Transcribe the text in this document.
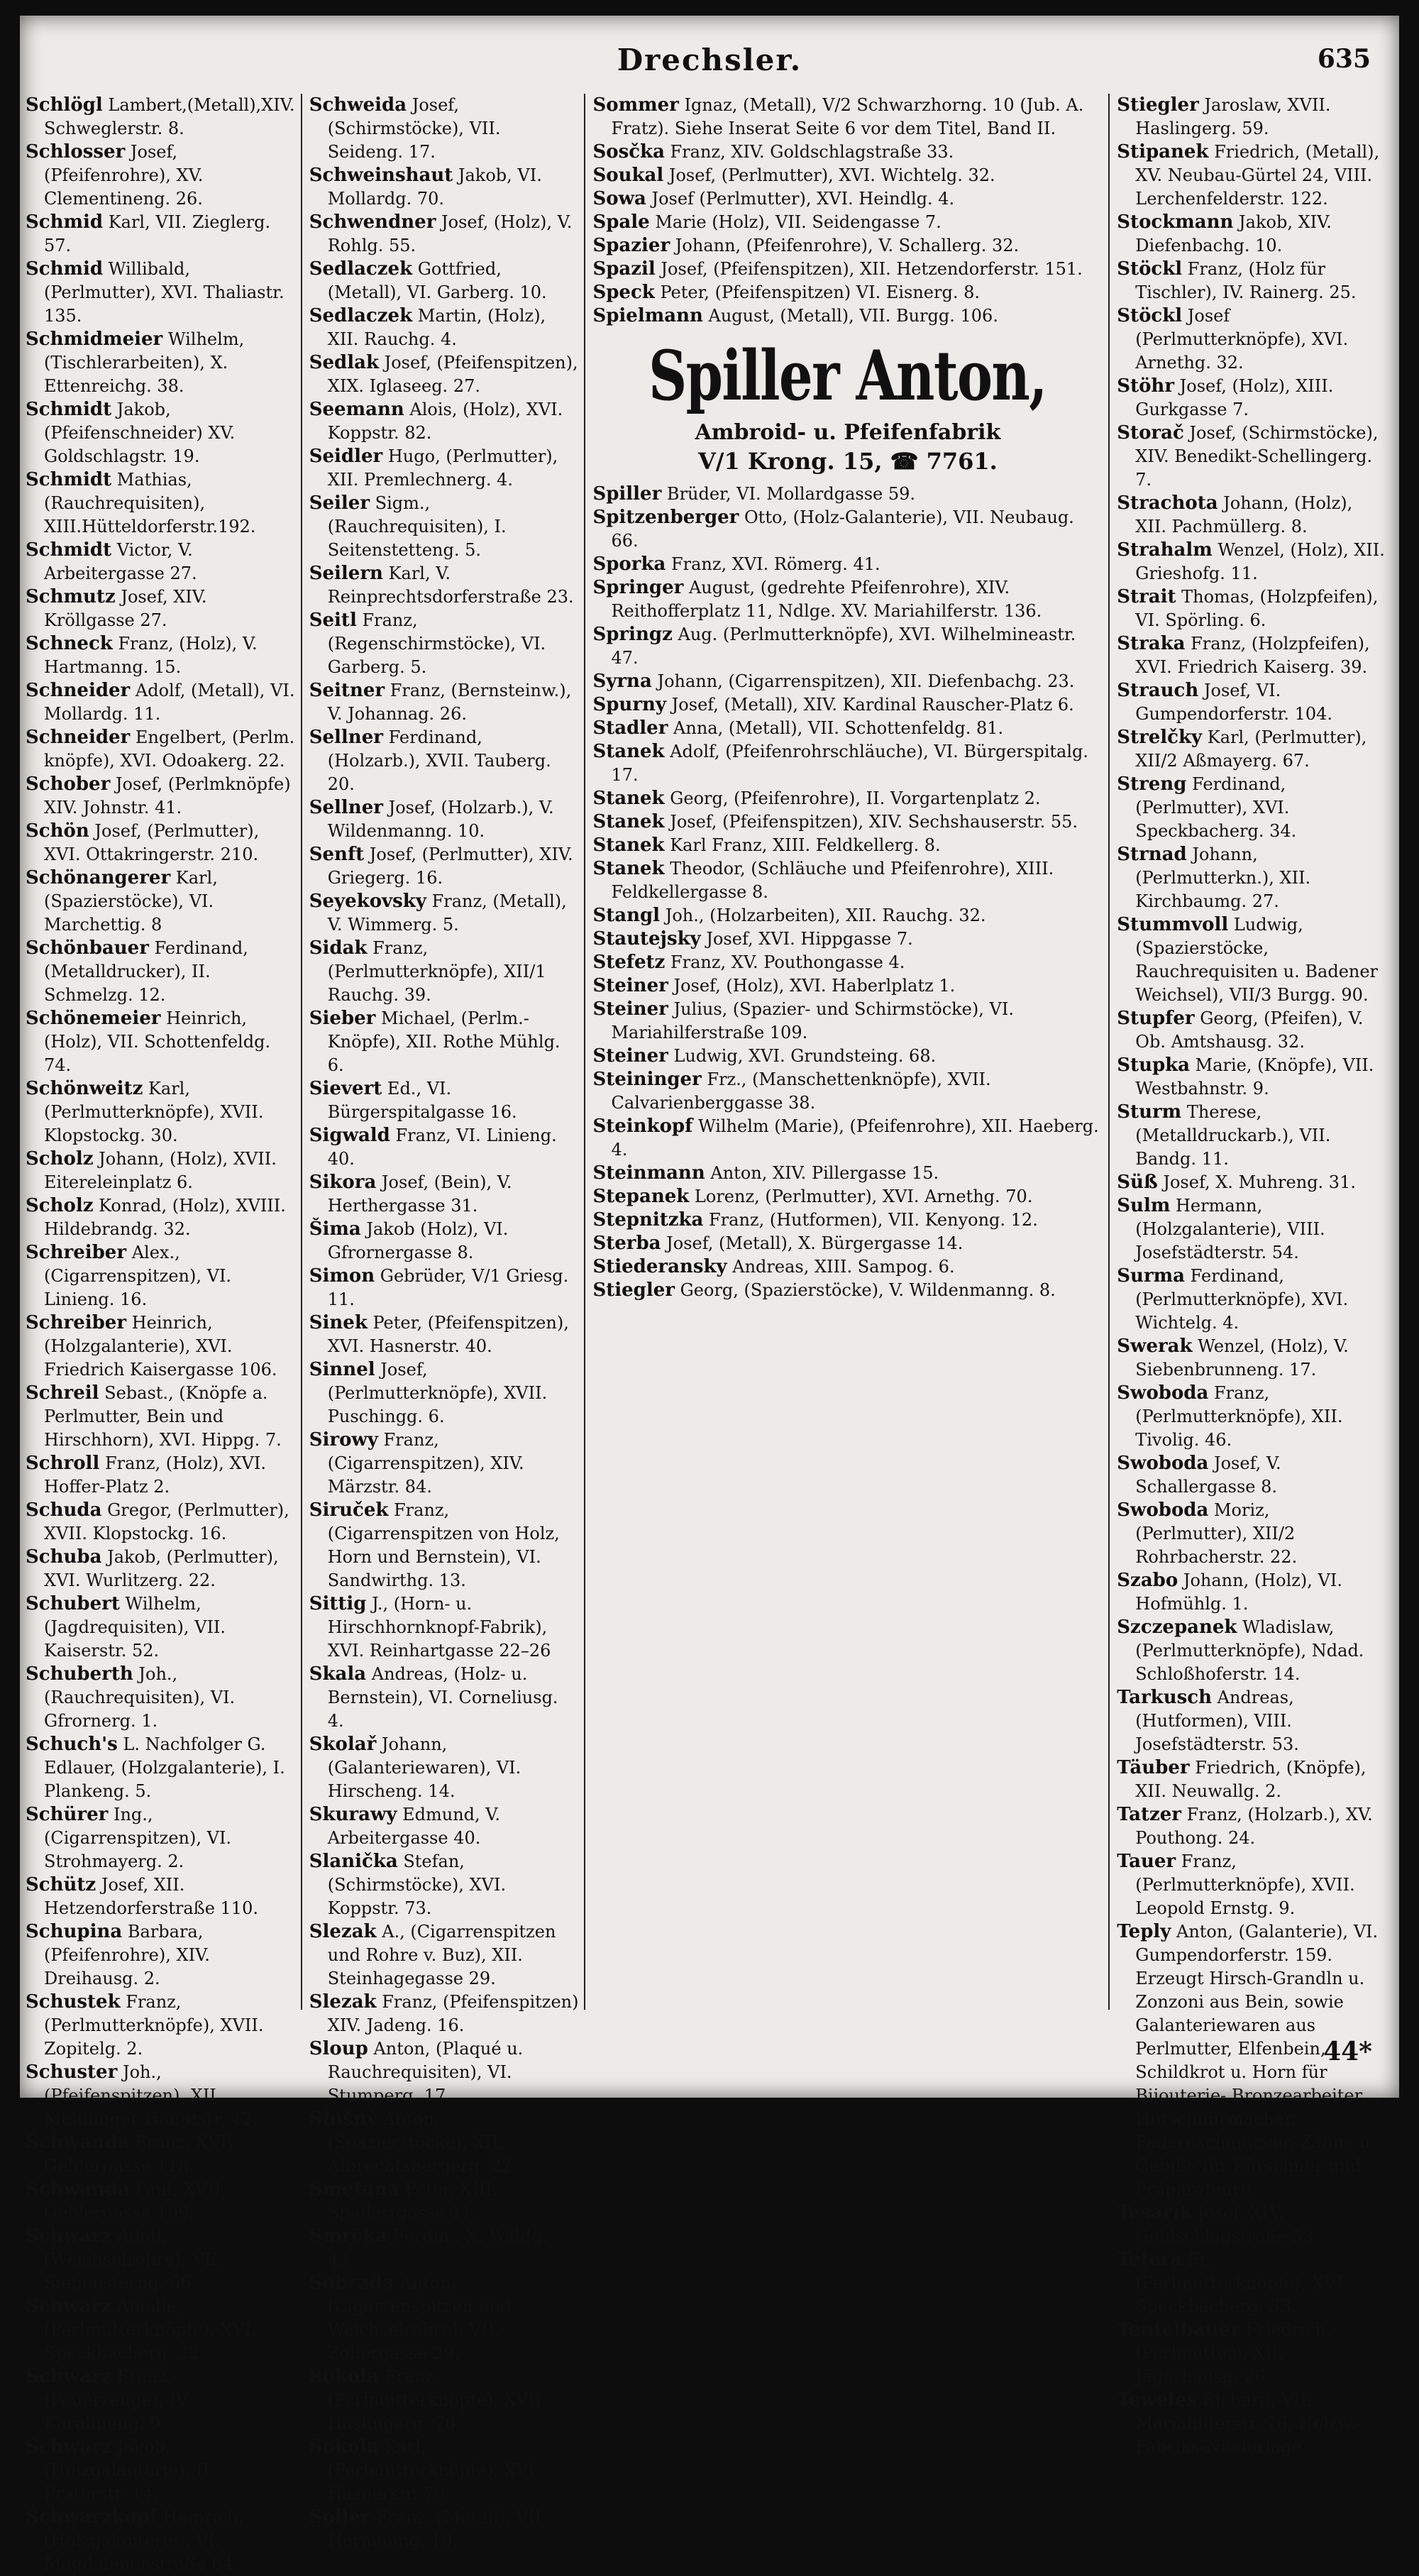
Drechsler.	635

Schlögl Lambert,(Metall),XIV. Schweglerstr. 8.

Schlosser Josef, (Pfeifenrohre), XV. Clementineng. 26.

Schmid Karl, VII. Zieglerg. 57.

Schmid Willibald,(Perlmutter), XVI. Thaliastr. 135.

Schmidmeier Wilhelm, (Tischlerarbeiten), X. Ettenreichg. 38.

Schmidt Jakob, (Pfeifenschneider) XV. Goldschlagstr. 19.

Schmidt Mathias, (Rauchrequisiten), XIII.Hütteldorferstr.192.

Schmidt Victor, V. Arbeitergasse 27.

Schmutz Josef, XIV. Kröllgasse 27.

Schneck Franz, (Holz), V. Hartmanng. 15.

Schneider Adolf, (Metall), VI. Mollardg. 11.

Schneider Engelbert, (Perlm. knöpfe), XVI. Odoakerg. 22.

Schober Josef, (Perlmknöpfe) XIV. Johnstr. 41.

Schön Josef, (Perlmutter), XVI. Ottakringerstr. 210.

Schönangerer Karl, (Spazierstöcke), VI. Marchettig. 8

Schönbauer Ferdinand, (Metalldrucker), II. Schmelzg. 12.

Schönemeier Heinrich, (Holz), VII. Schottenfeldg. 74.

Schönweitz Karl, (Perlmutterknöpfe), XVII. Klopstockg. 30.

Scholz Johann, (Holz), XVII. Eitereleinplatz 6.

Scholz Konrad, (Holz), XVIII. Hildebrandg. 32.

Schreiber Alex., (Cigarrenspitzen), VI. Linieng. 16.

Schreiber Heinrich, (Holzgalanterie), XVI. Friedrich Kaisergasse 106.

Schreil Sebast., (Knöpfe a. Perlmutter, Bein und Hirschhorn), XVI. Hippg. 7.

Schroll Franz, (Holz), XVI. Hoffer-Platz 2.

Schuda Gregor, (Perlmutter), XVII. Klopstockg. 16.

Schuba Jakob, (Perlmutter), XVI. Wurlitzerg. 22.

Schubert Wilhelm, (Jagdrequisiten), VII. Kaiserstr. 52.

Schuberth Joh., (Rauchrequisiten), VI. Gfrornerg. 1.

Schuch's L. Nachfolger G. Edlauer, (Holzgalanterie), I. Plankeng. 5.

Schürer Ing.,(Cigarrenspitzen), VI. Strohmayerg. 2.

Schütz Josef, XII. Hetzendorferstraße 110.

Schupina Barbara, (Pfeifenrohre), XIV. Dreihausg. 2.

Schustek Franz, (Perlmutterknöpfe), XVII. Zopitelg. 2.

Schuster Joh., (Pfeifenspitzen), XII. Meidlinger Hauptstr. 42.

Schwanda Franz, XVII. Geblergasse 118.

Schwanda Paul, XVII. Geblergasse 109.

Schwarz Adolf, (Weichselrohre), VII. Siebensterng. 56.

Schwarz Amalie, (Perlmutterknöpfe), XVI. Speckbacherg. 22.

Schwarz Franz, (Feuerzeuge), IV. Karolineng. 9.

Schwarz Jakob, (Holzgalanterie), II. Praterstr. 14.

Schwarzkopf Heinrich, (Holzgalanterie), VI. Magdalenenstraße 64.

Schweida Josef, (Schirmstöcke), VII. Seideng. 17.

Schweinshaut Jakob, VI. Mollardg. 70.

Schwendner Josef, (Holz), V. Rohlg. 55.

Sedlaczek Gottfried, (Metall), VI. Garberg. 10.

Sedlaczek Martin, (Holz), XII. Rauchg. 4.

Sedlak Josef, (Pfeifenspitzen), XIX. Iglaseeg. 27.

Seemann Alois, (Holz), XVI. Koppstr. 82.

Seidler Hugo, (Perlmutter), XII. Premlechnerg. 4.

Seiler Sigm., (Rauchrequisiten), I. Seitenstetteng. 5.

Seilern Karl, V. Reinprechtsdorferstraße 23.

Seitl Franz, (Regenschirmstöcke), VI. Garberg. 5.

Seitner Franz, (Bernsteinw.), V. Johannag. 26.

Sellner Ferdinand, (Holzarb.), XVII. Tauberg. 20.

Sellner Josef, (Holzarb.), V. Wildenmanng. 10.

Senft Josef, (Perlmutter), XIV. Griegerg. 16.

Seyekovsky Franz, (Metall), V. Wimmerg. 5.

Sidak Franz, (Perlmutterknöpfe), XII/1 Rauchg. 39.

Sieber Michael, (Perlm.-Knöpfe), XII. Rothe Mühlg. 6.

Sievert Ed., VI. Bürgerspitalgasse 16.

Sigwald Franz, VI. Linieng. 40.

Sikora Josef, (Bein), V. Herthergasse 31.

Šima Jakob (Holz), VI. Gfrornergasse 8.

Simon Gebrüder, V/1 Griesg. 11.

Sinek Peter, (Pfeifenspitzen), XVI. Hasnerstr. 40.

Sinnel Josef, (Perlmutterknöpfe), XVII. Puschingg. 6.

Sirowy Franz, (Cigarrenspitzen), XIV. Märzstr. 84.

Siruček Franz, (Cigarrenspitzen von Holz, Horn und Bernstein), VI. Sandwirthg. 13.

Sittig J., (Horn- u. Hirschhornknopf-Fabrik), XVI. Reinhartgasse 22–26

Skala Andreas, (Holz- u. Bernstein), VI. Corneliusg. 4.

Skolař Johann, (Galanteriewaren), VI. Hirscheng. 14.

Skurawy Edmund, V. Arbeitergasse 40.

Slanička Stefan, (Schirmstöcke), XVI. Koppstr. 73.

Slezak A., (Cigarrenspitzen und Rohre v. Buz), XII. Steinhagegasse 29.

Slezak Franz, (Pfeifenspitzen) XIV. Jadeng. 16.

Sloup Anton, (Plaqué u. Rauchrequisiten), VI. Stumperg. 17.

Slušný Anton, (Spazierstöcke), XII. Albrechtsbergerg. 22.

Smetana Peter, XIII. Spallartgasse 11.

Smrčka Ferdin., X. Waldg. 43.

Sobrada Anton, (Cigarrenspitzen und Weichselrohre), VII. Zollergasse 29.

Sokola Franz, (Perlmutterknöpfe), XVII. Haslingerg. 70.

Sokola Karl, (Perlmutterknöpfe), XVI. Hasnerstr. 79.

Soller Franz, (Metall), VII. Hermanng. 19.

Sommer Ignaz, (Metall), V/2 Schwarzhorng. 10 (Jub. A. Fratz). Siehe Inserat Seite 6 vor dem Titel, Band II.

Sosčka Franz, XIV. Goldschlagstraße 33.

Soukal Josef, (Perlmutter), XVI. Wichtelg. 32.

Sowa Josef (Perlmutter), XVI. Heindlg. 4.

Spale Marie (Holz), VII. Seidengasse 7.

Spazier Johann, (Pfeifenrohre), V. Schallerg. 32.

Spazil Josef, (Pfeifenspitzen), XII. Hetzendorferstr. 151.

Speck Peter, (Pfeifenspitzen) VI. Eisnerg. 8.

Spielmann August, (Metall), VII. Burgg. 106.

Spiller Anton,
Ambroid- u. Pfeifenfabrik
V/1 Krong. 15, ☎ 7761.

Spiller Brüder, VI. Mollardgasse 59.

Spitzenberger Otto, (Holz-Galanterie), VII. Neubaug. 66.

Sporka Franz, XVI. Römerg. 41.

Springer August, (gedrehte Pfeifenrohre), XIV. Reithofferplatz 11, Ndlge. XV. Mariahilferstr. 136.

Springz Aug. (Perlmutterknöpfe), XVI. Wilhelmineastr. 47.

Syrna Johann, (Cigarrenspitzen), XII. Diefenbachg. 23.

Spurny Josef, (Metall), XIV. Kardinal Rauscher-Platz 6.

Stadler Anna, (Metall), VII. Schottenfeldg. 81.

Stanek Adolf, (Pfeifenrohrschläuche), VI. Bürgerspitalg. 17.

Stanek Georg, (Pfeifenrohre), II. Vorgartenplatz 2.

Stanek Josef, (Pfeifenspitzen), XIV. Sechshauserstr. 55.

Stanek Karl Franz, XIII. Feldkellerg. 8.

Stanek Theodor, (Schläuche und Pfeifenrohre), XIII. Feldkellergasse 8.

Stangl Joh., (Holzarbeiten), XII. Rauchg. 32.

Stautejsky Josef, XVI. Hippgasse 7.

Stefetz Franz, XV. Pouthongasse 4.

Steiner Josef, (Holz), XVI. Haberlplatz 1.

Steiner Julius, (Spazier- und Schirmstöcke), VI. Mariahilferstraße 109.

Steiner Ludwig, XVI. Grundsteing. 68.

Steininger Frz., (Manschettenknöpfe), XVII. Calvarienberggasse 38.

Steinkopf Wilhelm (Marie), (Pfeifenrohre), XII. Haeberg. 4.

Steinmann Anton, XIV. Pillergasse 15.

Stepanek Lorenz, (Perlmutter), XVI. Arnethg. 70.

Stepnitzka Franz, (Hutformen), VII. Kenyong. 12.

Sterba Josef, (Metall), X. Bürgergasse 14.

Stiederansky Andreas, XIII. Sampog. 6.

Stiegler Georg, (Spazierstöcke), V. Wildenmanng. 8.

Stiegler Jaroslaw, XVII. Haslingerg. 59.

Stipanek Friedrich, (Metall), XV. Neubau-Gürtel 24, VIII. Lerchenfelderstr. 122.

Stockmann Jakob, XIV. Diefenbachg. 10.

Stöckl Franz, (Holz für Tischler), IV. Rainerg. 25.

Stöckl Josef (Perlmutterknöpfe), XVI. Arnethg. 32.

Stöhr Josef, (Holz), XIII. Gurkgasse 7.

Storač Josef, (Schirmstöcke), XIV. Benedikt-Schellingerg. 7.

Strachota Johann, (Holz), XII. Pachmüllerg. 8.

Strahalm Wenzel, (Holz), XII. Grieshofg. 11.

Strait Thomas, (Holzpfeifen), VI. Spörling. 6.

Straka Franz, (Holzpfeifen), XVI. Friedrich Kaiserg. 39.

Strauch Josef, VI. Gumpendorferstr. 104.

Strelčky Karl, (Perlmutter), XII/2 Aßmayerg. 67.

Streng Ferdinand, (Perlmutter), XVI. Speckbacherg. 34.

Strnad Johann, (Perlmutterkn.), XII. Kirchbaumg. 27.

Stummvoll Ludwig, (Spazierstöcke, Rauchrequisiten u. Badener Weichsel), VII/3 Burgg. 90.

Stupfer Georg, (Pfeifen), V. Ob. Amtshausg. 32.

Stupka Marie, (Knöpfe), VII. Westbahnstr. 9.

Sturm Therese, (Metalldruckarb.), VII. Bandg. 11.

Süß Josef, X. Muhreng. 31.

Sulm Hermann, (Holzgalanterie), VIII. Josefstädterstr. 54.

Surma Ferdinand, (Perlmutterknöpfe), XVI. Wichtelg. 4.

Swerak Wenzel, (Holz), V. Siebenbrunneng. 17.

Swoboda Franz, (Perlmutterknöpfe), XII. Tivolig. 46.

Swoboda Josef, V. Schallergasse 8.

Swoboda Moriz, (Perlmutter), XII/2 Rohrbacherstr. 22.

Szabo Johann, (Holz), VI. Hofmühlg. 1.

Szczepanek Wladislaw, (Perlmutterknöpfe), Ndad. Schloßhoferstr. 14.

Tarkusch Andreas, (Hutformen), VIII. Josefstädterstr. 53.

Täuber Friedrich, (Knöpfe), XII. Neuwallg. 2.

Tatzer Franz, (Holzarb.), XV. Pouthong. 24.

Tauer Franz, (Perlmutterknöpfe), XVII. Leopold Ernstg. 9.

Teply Anton, (Galanterie), VI. Gumpendorferstr. 159. Erzeugt Hirsch-Grandln u. Zonzoni aus Bein, sowie Galanteriewaren aus Perlmutter, Elfenbein, Schildkrot u. Horn für Bijouterie- Bronzearbeiter, Hutschnürmacher, Federnschmücker, Zähne u. Gebiße für Kürschner und Präparateure.

Tesařík Josef, XIV. Goldschlagstraße 53.

Tetera Fr., (Perlmutterknöpfe), XVI. Speckbacherg. 33.

Teufelbauer Friedrich, (Perlmutter), XII. Jägerhausg. 26.

Teweles Richard, VII. Mariahilferstr. 76, Holzw.-Fabriks-Niederlage.

44*
